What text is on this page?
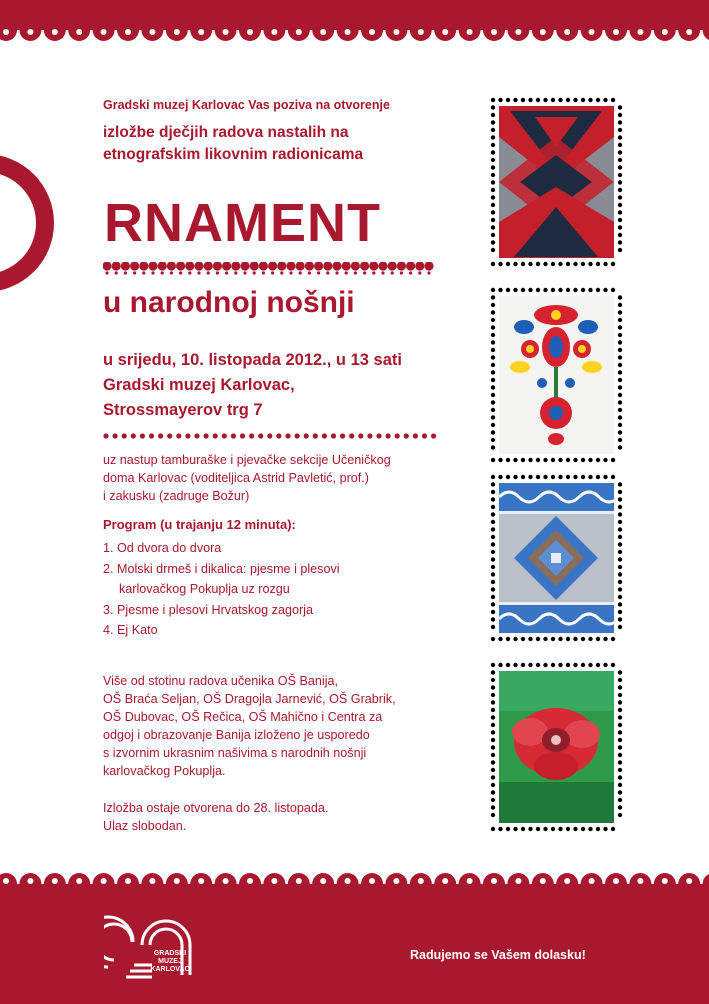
Gradski muzej Karlovac Vas poziva na otvorenje
izložbe dječjih radova nastalih na
etnografskim likovnim radionicama
RNAMENT
u narodnoj nošnji
u srijedu, 10. listopada 2012., u 13 sati
Gradski muzej Karlovac,
Strossmayerov trg 7
uz nastup tamburaške i pjevačke sekcije Učeničkog
doma Karlovac (voditeljica Astrid Pavletić, prof.)
i zakusku (zadruge Božur)
Program (u trajanju 12 minuta):
1. Od dvora do dvora
2. Molski drmeš i dikalica: pjesme i plesovi
karlovačkog Pokuplja uz rozgu
3. Pjesme i plesovi Hrvatskog zagorja
4. Ej Kato
Više od stotinu radova učenika OŠ Banija,
OŠ Braća Seljan, OŠ Dragojla Jarnević, OŠ Grabrik,
OŠ Dubovac, OŠ Rečica, OŠ Mahično i Centra za
odgoj i obrazovanje Banija izloženo je usporedo
s izvornim ukrasnim našivima s narodnih nošnji
karlovačkog Pokuplja.
Izložba ostaje otvorena do 28. listopada.
Ulaz slobodan.
GRADSKI
MUZEJ
KARLOVAC
Radujemo se Vašem dolasku!
